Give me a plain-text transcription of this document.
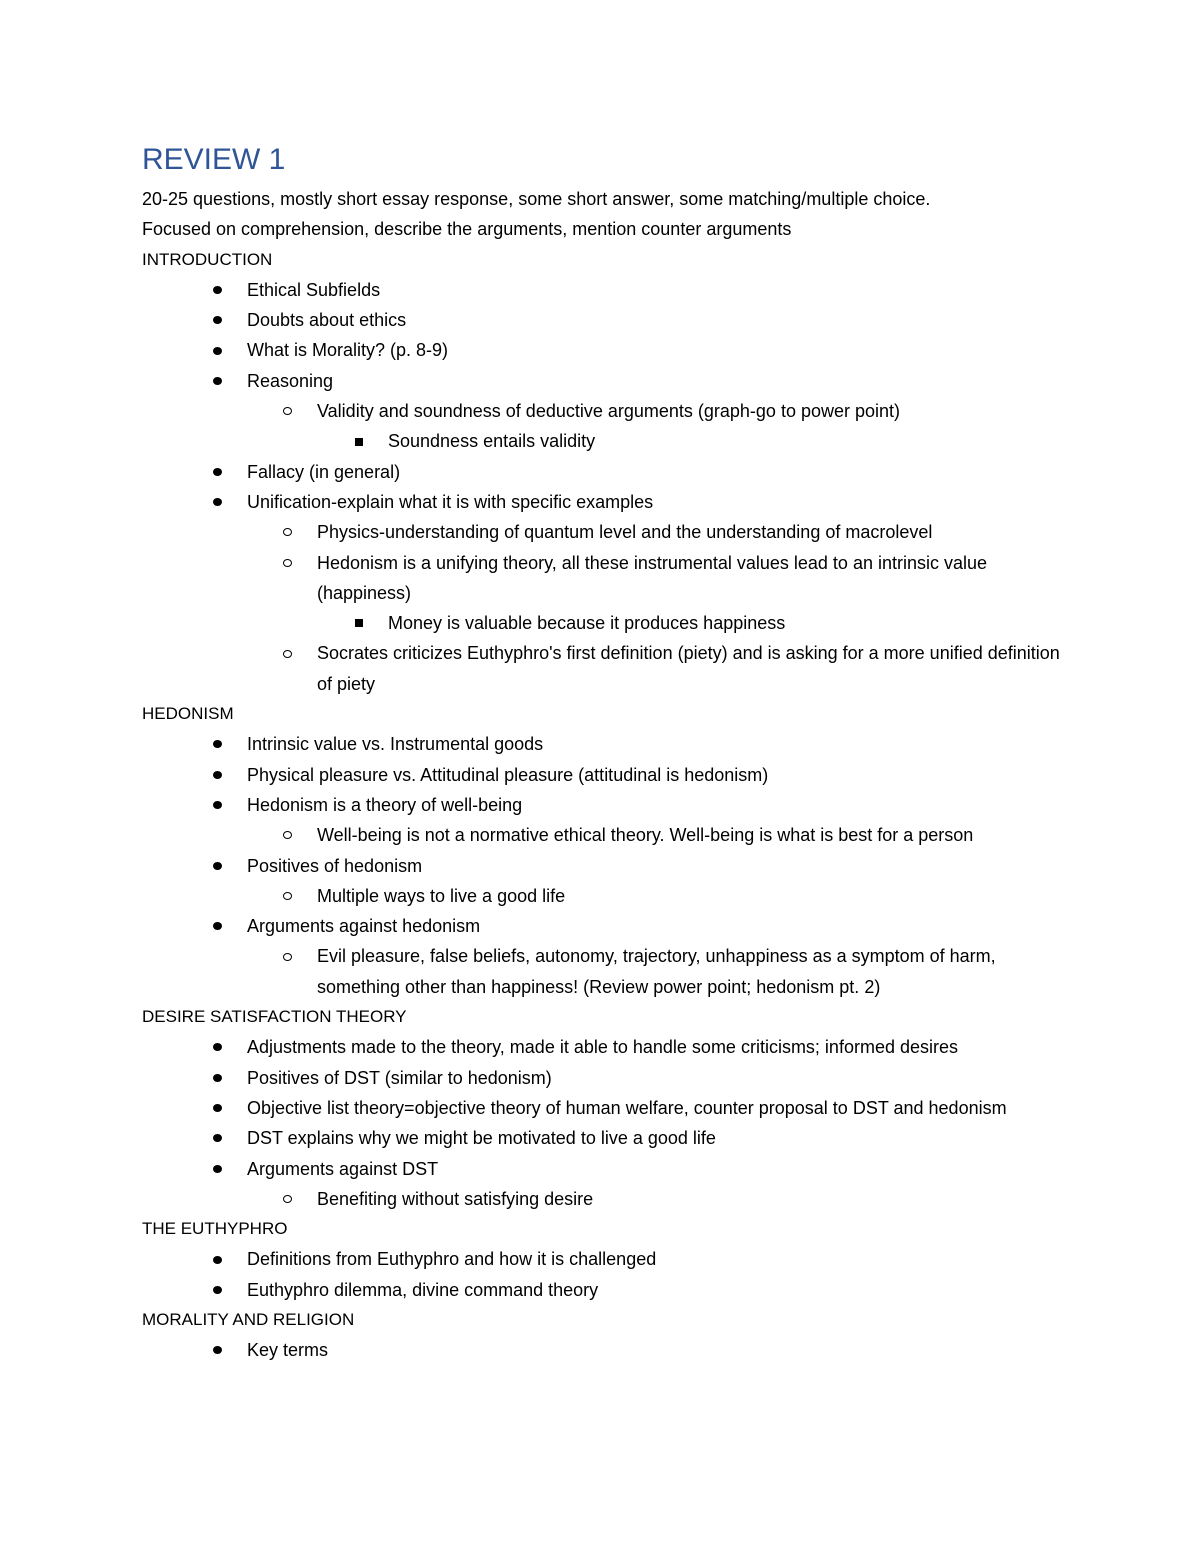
REVIEW 1
20-25 questions, mostly short essay response, some short answer, some matching/multiple choice.
Focused on comprehension, describe the arguments, mention counter arguments
INTRODUCTION
Ethical Subfields
Doubts about ethics
What is Morality? (p. 8-9)
Reasoning
Validity and soundness of deductive arguments (graph-go to power point)
Soundness entails validity
Fallacy (in general)
Unification-explain what it is with specific examples
Physics-understanding of quantum level and the understanding of macrolevel
Hedonism is a unifying theory, all these instrumental values lead to an intrinsic value (happiness)
Money is valuable because it produces happiness
Socrates criticizes Euthyphro's first definition (piety) and is asking for a more unified definition of piety
HEDONISM
Intrinsic value vs. Instrumental goods
Physical pleasure vs. Attitudinal pleasure (attitudinal is hedonism)
Hedonism is a theory of well-being
Well-being is not a normative ethical theory. Well-being is what is best for a person
Positives of hedonism
Multiple ways to live a good life
Arguments against hedonism
Evil pleasure, false beliefs, autonomy, trajectory, unhappiness as a symptom of harm, something other than happiness! (Review power point; hedonism pt. 2)
DESIRE SATISFACTION THEORY
Adjustments made to the theory, made it able to handle some criticisms; informed desires
Positives of DST (similar to hedonism)
Objective list theory=objective theory of human welfare, counter proposal to DST and hedonism
DST explains why we might be motivated to live a good life
Arguments against DST
Benefiting without satisfying desire
THE EUTHYPHRO
Definitions from Euthyphro and how it is challenged
Euthyphro dilemma, divine command theory
MORALITY AND RELIGION
Key terms
